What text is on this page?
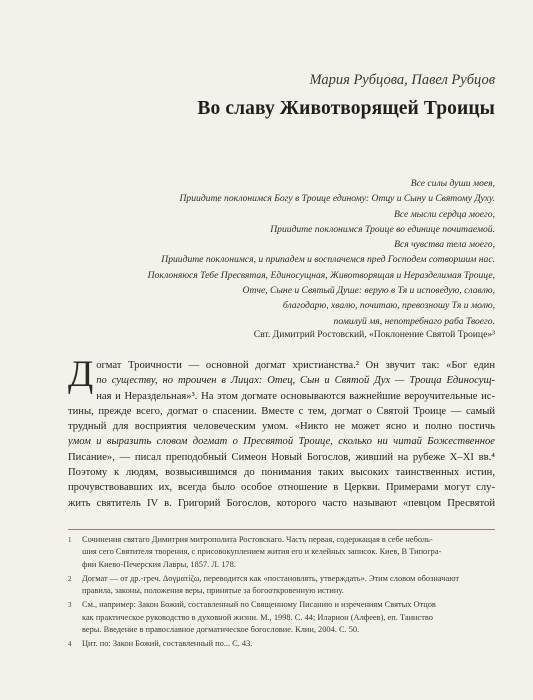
Мария Рубцова, Павел Рубцов
Во славу Животворящей Троицы
Все силы души моея,
Приидите поклонимся Богу в Троице единому: Отцу и Сыну и Святому Духу.
Все мысли сердца моего,
Приидите поклонимся Троице во единице почитаемой.
Вся чувства тела моего,
Приидите поклонимся, и припадем и восплачемся пред Господем сотворшим нас.
Поклоняюся Тебе Пресвятая, Единосущная, Животворящая и Неразделимая Троице,
Отче, Сыне и Святый Душе: верую в Тя и исповедую, славлю,
благодарю, хвалю, почитаю, превозношу Тя и молю,
помилуй мя, непотребнаго раба Твоего.
Свт. Димитрий Ростовский, «Поклонение Святой Троице»³
Д огмат Троичности — основной догмат христианства.² Он звучит так: «Бог един
по существу, но троичен в Лицах: Отец, Сын и Святой Дух — Троица Единосущ-
ная и Нераздельная»³. На этом догмате основываются важнейшие вероучительные ис-
тины, прежде всего, догмат о спасении. Вместе с тем, догмат о Святой Троице — самый
трудный для восприятия человеческим умом. «Никто не может ясно и полно постичь
умом и выразить словом догмат о Пресвятой Троице, сколько ни читай Божественное
Писание», — писал преподобный Симеон Новый Богослов, живший на рубеже X–XI вв.⁴
Поэтому к людям, возвысившимся до понимания таких высоких таинственных истин,
прочувствовавших их, всегда было особое отношение в Церкви. Примерами могут слу-
жить святитель IV в. Григорий Богослов, которого часто называют «певцом Пресвятой
1 Сочинения святаго Димитрия митрополита Ростовскаго. Часть первая, содержащая в себе неболь-
шия сего Святителя творения, с присовокуплением жития его и келейных записок. Киев, В Типогра-
фии Киево-Печерския Лавры, 1857. Л. 178.
2 Догмат — от др.-греч. Δογματίζω, переводится как «постановлять, утверждать». Этим словом обозначают
правила, законы, положения веры, принятые за богооткровенную истину.
3 См., например: Закон Божий, составленный по Священному Писанию и изречениям Святых Отцов
как практическое руководство в духовной жизни. М., 1998. С. 44; Иларион (Алфеев), еп. Таинство
веры. Введение в православное догматическое богословие. Клин, 2004. С. 50.
4 Цит. по: Закон Божий, составленный по... С. 43.
